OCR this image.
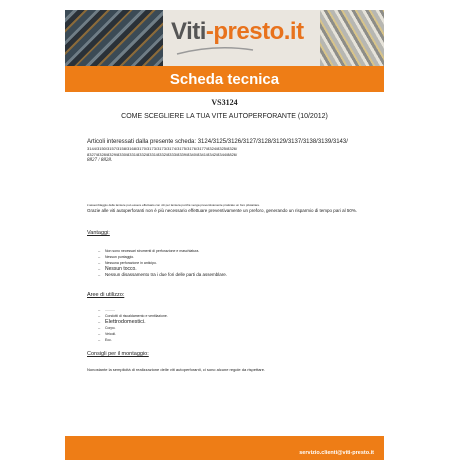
Viti-presto.it
Scheda tecnica
VS3124
COME SCEGLIERE LA TUA VITE AUTOPERFORANTE (10/2012)
Articoli interessati dalla presente scheda: 3124/3125/3126/3127/3128/3129/3137/3138/3139/3143/
3144/3150/3157/3158/3168/3170/3173/3173/3174/3175/3176/3177/8324/8325/8326/
8327/8328/8329/8330/8331/8332/8331/8332/8333/8339/8340/8341/8342/8344/8826/
8827 / 8828.
L'assemblaggio delle lamiere può essere effettuato con viti per lamiera purché venga preventivamente praticato un foro pilotariare.
Grazie alle viti autoperforanti non è più necessario effettuare preventivamente un preforo, generando un risparmio di tempo pari al 50%.
Vantaggi:
–	Non sono necessari strumenti di perforazione e maschiatura.
–	Nessun puntaggio.
–	Nessuna perforazione in anticipo.
– Nessun tocco.
–	Nessun disassamento tra i due fori delle parti da assemblare.
Aree di utilizzo:
–	..........
–	Condotti di riscaldamento e ventilazione.
– Elettrodomestici.
–	Corpo.
–	Veicoli.
–	Ecc.
Consigli per il montaggio:
Nonostante la semplicità di realizzazione delle viti autoperforanti, ci sono alcune regole da rispettare.
servizio.clienti@viti-presto.it
